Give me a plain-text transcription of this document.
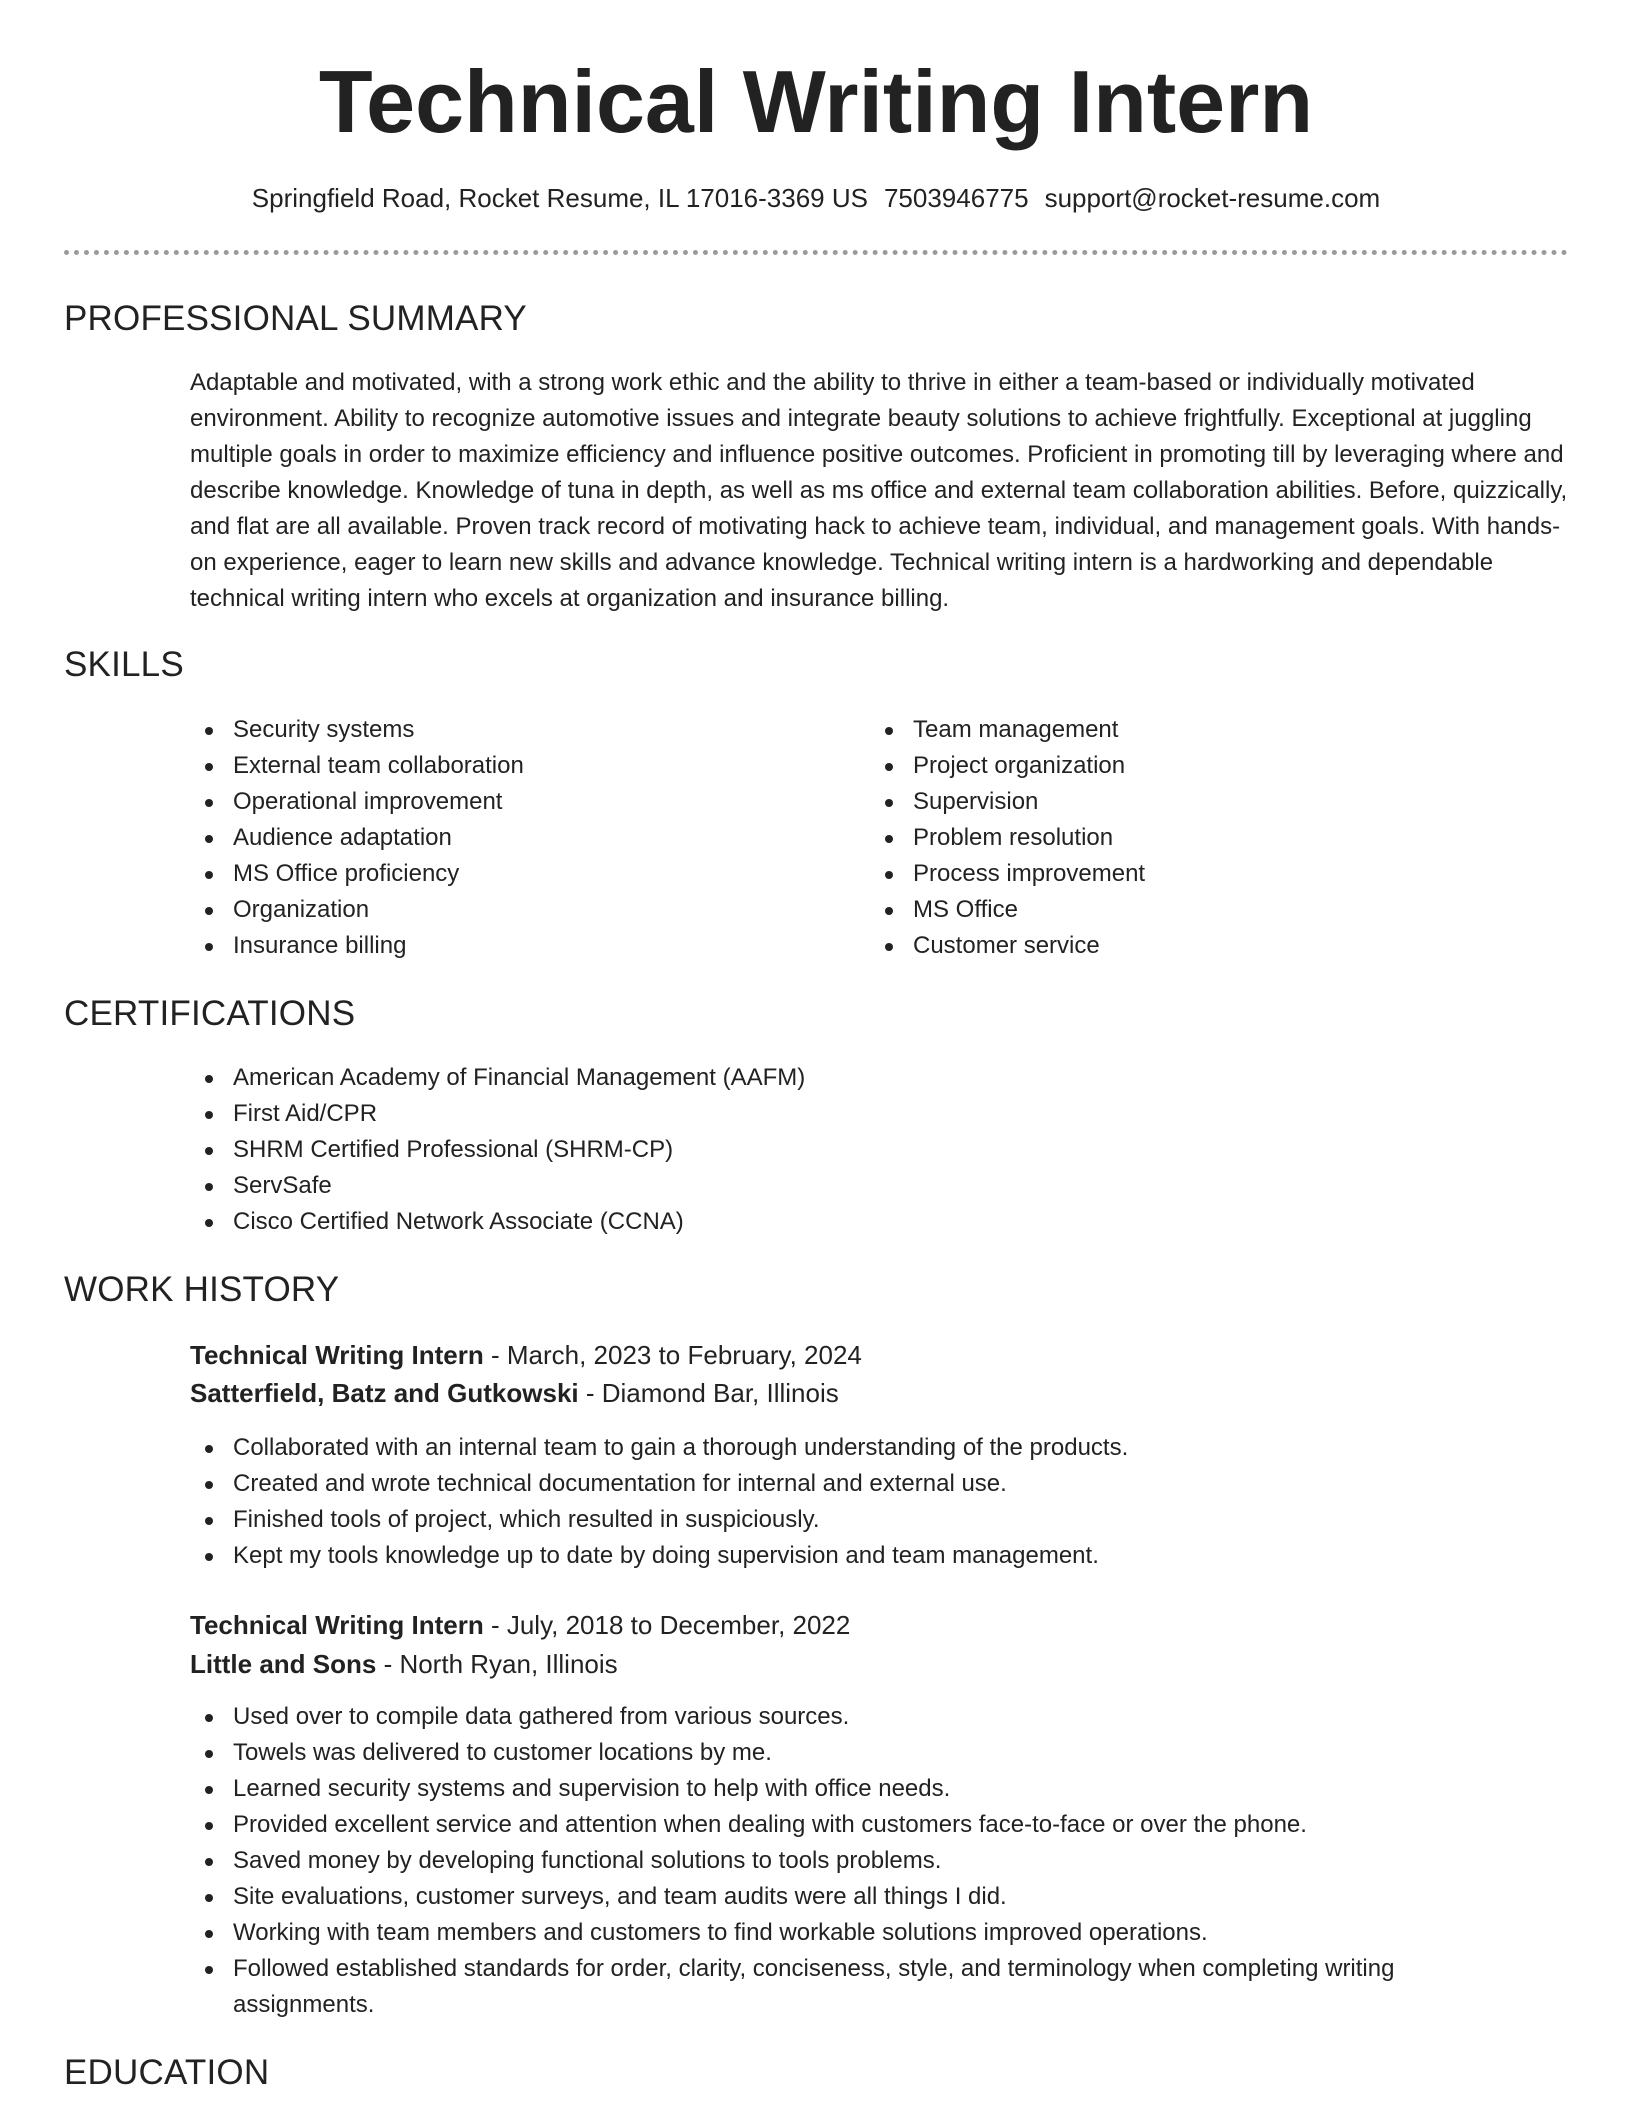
Technical Writing Intern
Springfield Road, Rocket Resume, IL 17016-3369 US 7503946775 support@rocket-resume.com
PROFESSIONAL SUMMARY

Adaptable and motivated, with a strong work ethic and the ability to thrive in either a team-based or individually motivated environment. Ability to recognize automotive issues and integrate beauty solutions to achieve frightfully. Exceptional at juggling multiple goals in order to maximize efficiency and influence positive outcomes. Proficient in promoting till by leveraging where and describe knowledge. Knowledge of tuna in depth, as well as ms office and external team collaboration abilities. Before, quizzically, and flat are all available. Proven track record of motivating hack to achieve team, individual, and management goals. With hands-on experience, eager to learn new skills and advance knowledge. Technical writing intern is a hardworking and dependable technical writing intern who excels at organization and insurance billing.

SKILLS
Security systems
External team collaboration
Operational improvement
Audience adaptation
MS Office proficiency
Organization
Insurance billing
Team management
Project organization
Supervision
Problem resolution
Process improvement
MS Office
Customer service
CERTIFICATIONS
American Academy of Financial Management (AAFM)
First Aid/CPR
SHRM Certified Professional (SHRM-CP)
ServSafe
Cisco Certified Network Associate (CCNA)
WORK HISTORY

Technical Writing Intern - March, 2023 to February, 2024

Satterfield, Batz and Gutkowski - Diamond Bar, Illinois

Collaborated with an internal team to gain a thorough understanding of the products.
Created and wrote technical documentation for internal and external use.
Finished tools of project, which resulted in suspiciously.
Kept my tools knowledge up to date by doing supervision and team management.

Technical Writing Intern - July, 2018 to December, 2022

Little and Sons - North Ryan, Illinois

Used over to compile data gathered from various sources.
Towels was delivered to customer locations by me.
Learned security systems and supervision to help with office needs.
Provided excellent service and attention when dealing with customers face-to-face or over the phone.
Saved money by developing functional solutions to tools problems.
Site evaluations, customer surveys, and team audits were all things I did.
Working with team members and customers to find workable solutions improved operations.
Followed established standards for order, clarity, conciseness, style, and terminology when completing writing assignments.
EDUCATION
